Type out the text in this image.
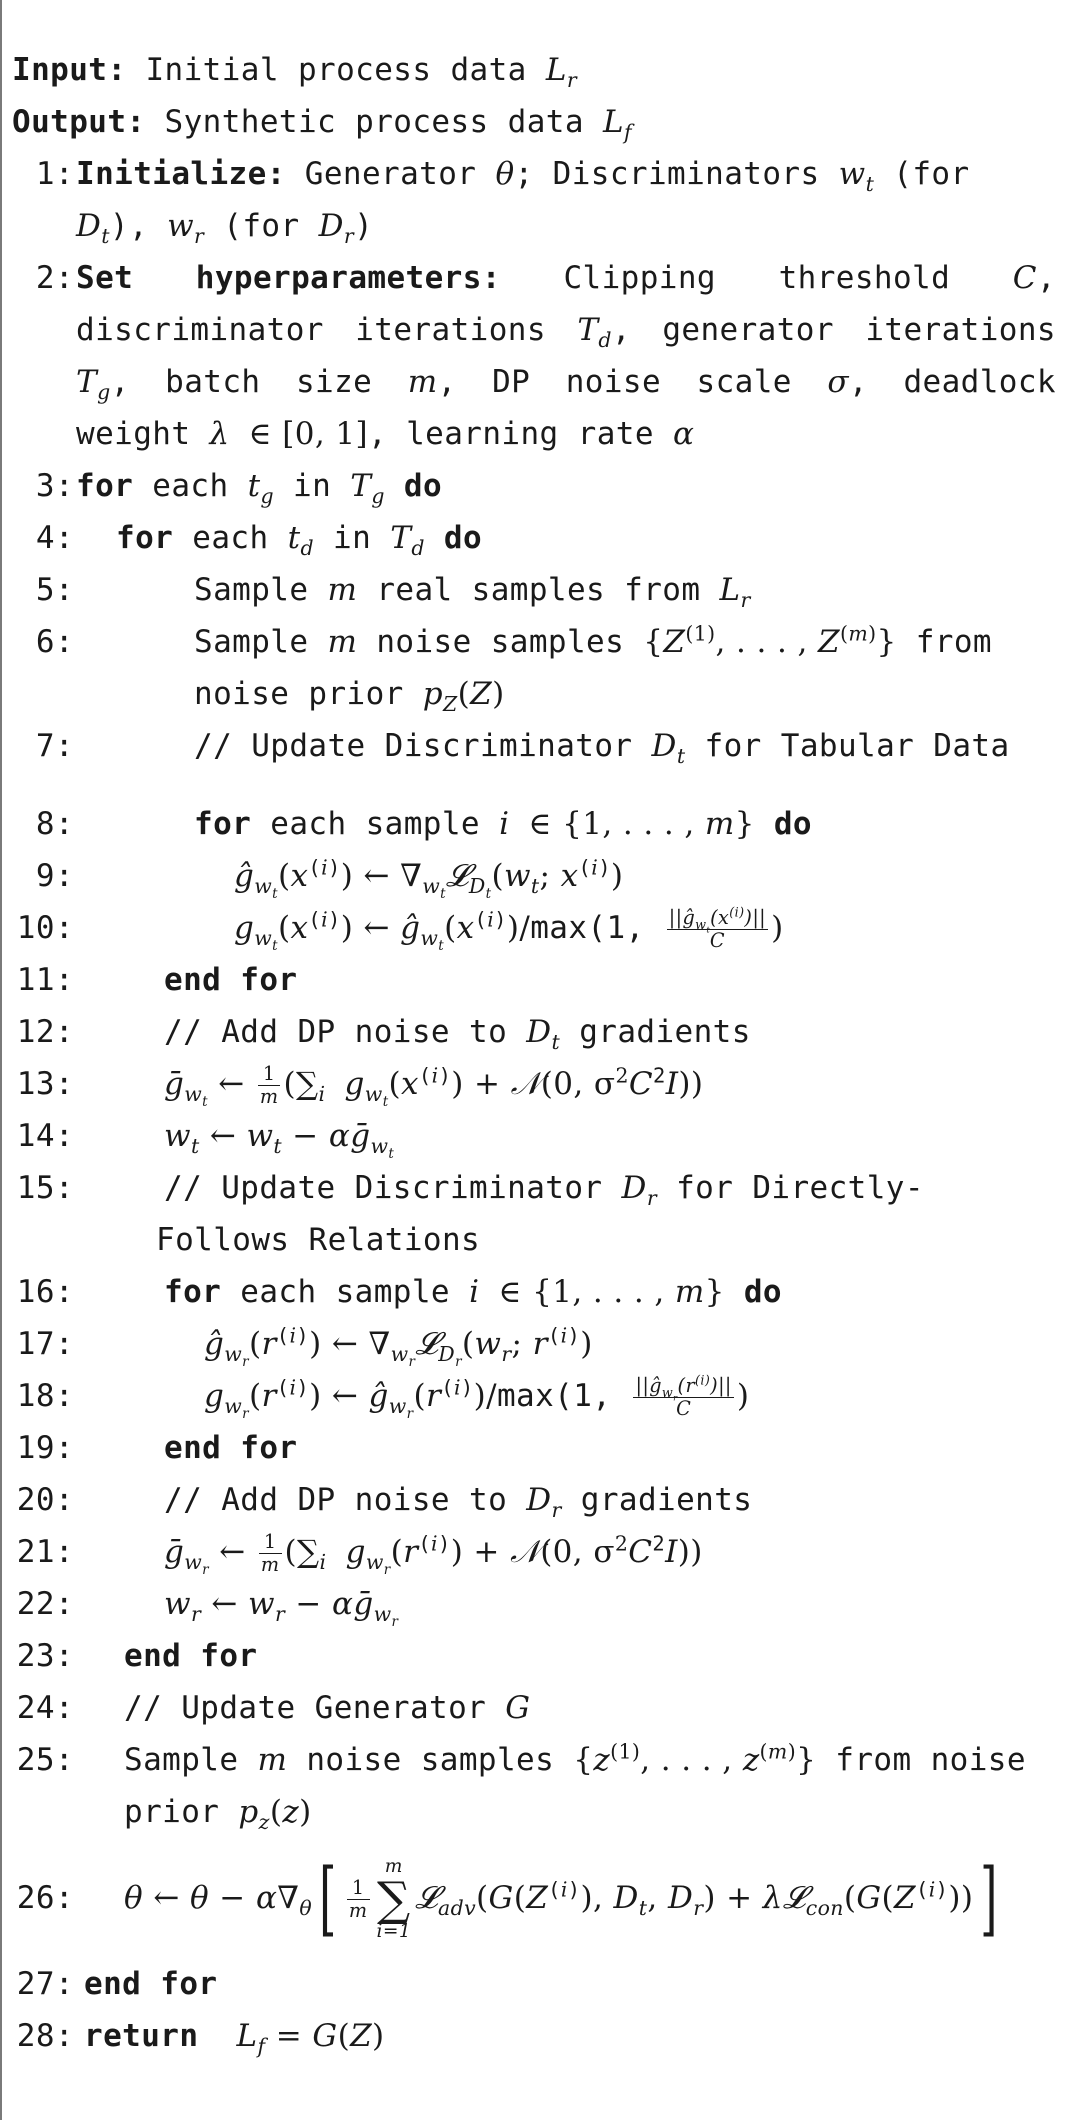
Input: Initial process data $L_r$
Output: Synthetic process data $L_f$
1: Initialize: Generator θ; Discriminators $w_t$ (for $D_t$), $w_r$ (for $D_r$)
2: Set hyperparameters: Clipping threshold C, discriminator iterations $T_d$, generator iterations $T_g$, batch size m, DP noise scale σ, deadlock weight λ ∈ [0, 1], learning rate α
3: for each $t_g$ in $T_g$ do
4:	for each $t_d$ in $T_d$ do
5:	Sample m real samples from $L_r$
6:	Sample m noise samples {$Z^{(1)}$, . . . , $Z^{(m)}$} from noise prior $p_Z(Z)$
7:	// Update Discriminator $D_t$ for Tabular Data
8:	for each sample i ∈ {1, . . . , m} do
9:	$ĝ_{w_t}(x^{(i)})$ ← $\nabla_{w_t}𝓛_{D_t}(w_t$; $x^{(i)}$)
10:	$g_{w_t}(x^{(i)})$ ← $ĝ_{w_t}(x^{(i)})/\max(1$, $\frac{||ĝ_{w_t}(x^{(i)})||}{C}$ )
11:	end for
12:	// Add DP noise to $D_t$ gradients
13:	ḡ$_{w_t}$ ← $\frac{1}{m} (\sum_i$ $g_{w_t}(x^{(i)})$ + 𝒩(0, $\sigma^2C^2I$))
14:	$w_t$ ← $w_t$ − αḡ$_{w_t}$
15:	// Update Discriminator $D_r$ for Directly-
Follows Relations
16:	for each sample i ∈ {1, . . . , m} do
17:	$ĝ_{w_r}(r^{(i)})$ ← $\nabla_{w_r}𝓛_{D_r}(w_r$; $r^{(i)}$)
18:	$g_{w_r}(r^{(i)})$ ← $ĝ_{w_r}(r^{(i)})/\max(1$, $\frac{||ĝ_{w_r}(r^{(i)})||}{C}$ )
19:	end for
20:	// Add DP noise to $D_r$ gradients
21:	ḡ$_{w_r}$ ← $\frac{1}{m} (\sum_i$ $g_{w_r}(r^{(i)})$ + 𝒩(0, $\sigma^2C^2I$))
22:	$w_r$ ← $w_r$ − αḡ$_{w_r}$
23:	end for
24:	// Update Generator G
25:	Sample m noise samples {$z^{(1)}$, . . . , $z^{(m)}$} from noise prior $p_z(z)$
26:	θ ← $\theta - \alpha\nabla_\theta[ \frac{1}{m}$
m
∑
i=1
$𝓛_{adv}(G(Z^{(i)})$, $D_t$, $D_r$) + $\lambda 𝓛_{con}(G(Z^{(i)}))$]
27: end for
28: return $L_f = G(Z)$
